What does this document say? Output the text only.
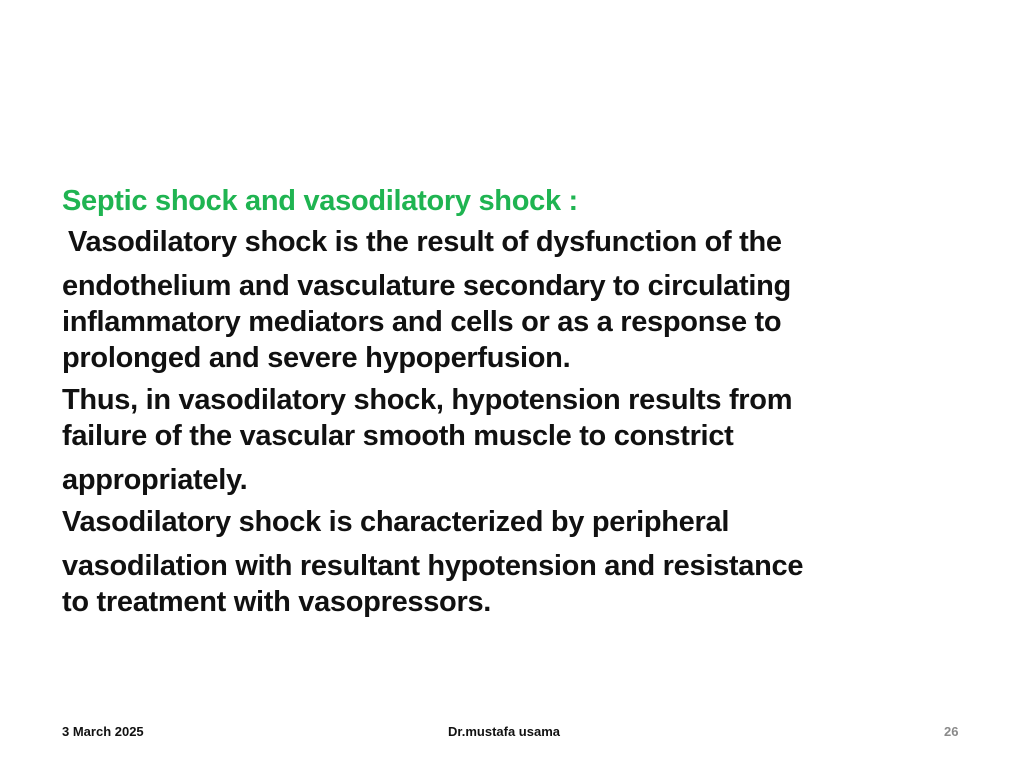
Septic shock and vasodilatory shock :
Vasodilatory shock is the result of dysfunction of the
endothelium and vasculature secondary to circulating
inflammatory mediators and cells or as a response to
prolonged and severe hypoperfusion.
Thus, in vasodilatory shock, hypotension results from
failure of the vascular smooth muscle to constrict
appropriately.
Vasodilatory shock is characterized by peripheral
vasodilation with resultant hypotension and resistance
to treatment with vasopressors.
3 March 2025	Dr.mustafa usama	26
